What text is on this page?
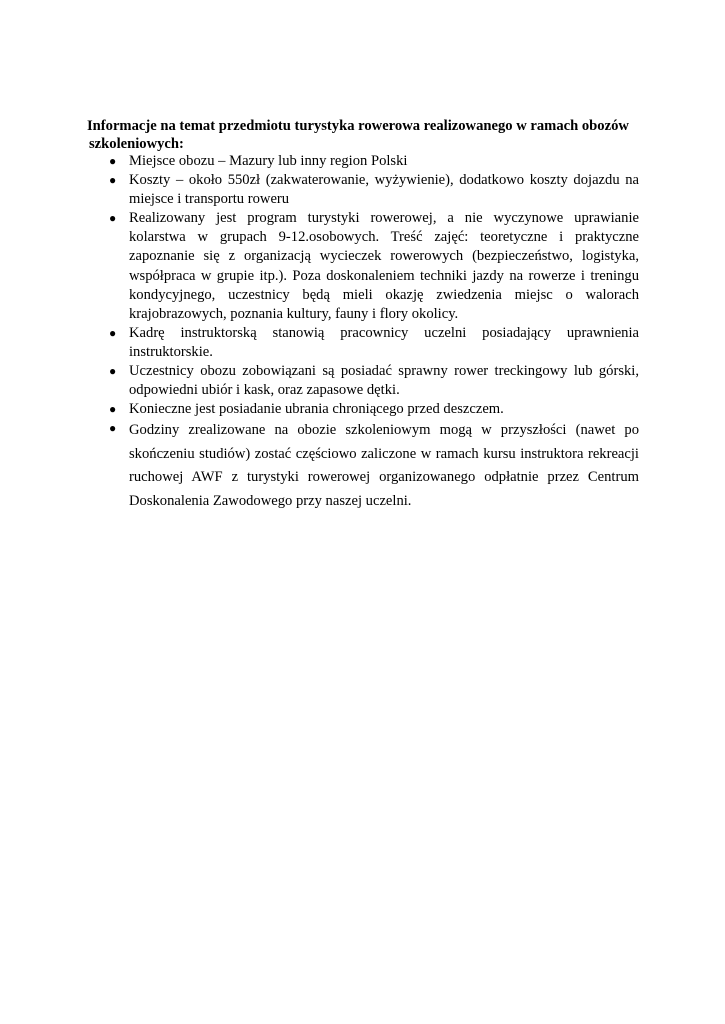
Informacje na temat przedmiotu turystyka rowerowa realizowanego w ramach obozów
szkoleniowych:

● Miejsce obozu – Mazury lub inny region Polski
● Koszty – około 550zł (zakwaterowanie, wyżywienie), dodatkowo koszty dojazdu na miejsce i transportu roweru
● Realizowany jest program turystyki rowerowej, a nie wyczynowe uprawianie kolarstwa w grupach 9-12.osobowych. Treść zajęć: teoretyczne i praktyczne zapoznanie się z organizacją wycieczek rowerowych (bezpieczeństwo, logistyka, współpraca w grupie itp.). Poza doskonaleniem techniki jazdy na rowerze i treningu kondycyjnego, uczestnicy będą mieli okazję zwiedzenia miejsc o walorach krajobrazowych, poznania kultury, fauny i flory okolicy.
● Kadrę instruktorską stanowią pracownicy uczelni posiadający uprawnienia instruktorskie.
● Uczestnicy obozu zobowiązani są posiadać sprawny rower treckingowy lub górski, odpowiedni ubiór i kask, oraz zapasowe dętki.
● Konieczne jest posiadanie ubrania chroniącego przed deszczem.
● Godziny zrealizowane na obozie szkoleniowym mogą w przyszłości (nawet po skończeniu studiów) zostać częściowo zaliczone w ramach kursu instruktora rekreacji ruchowej AWF z turystyki rowerowej organizowanego odpłatnie przez Centrum Doskonalenia Zawodowego przy naszej uczelni.
